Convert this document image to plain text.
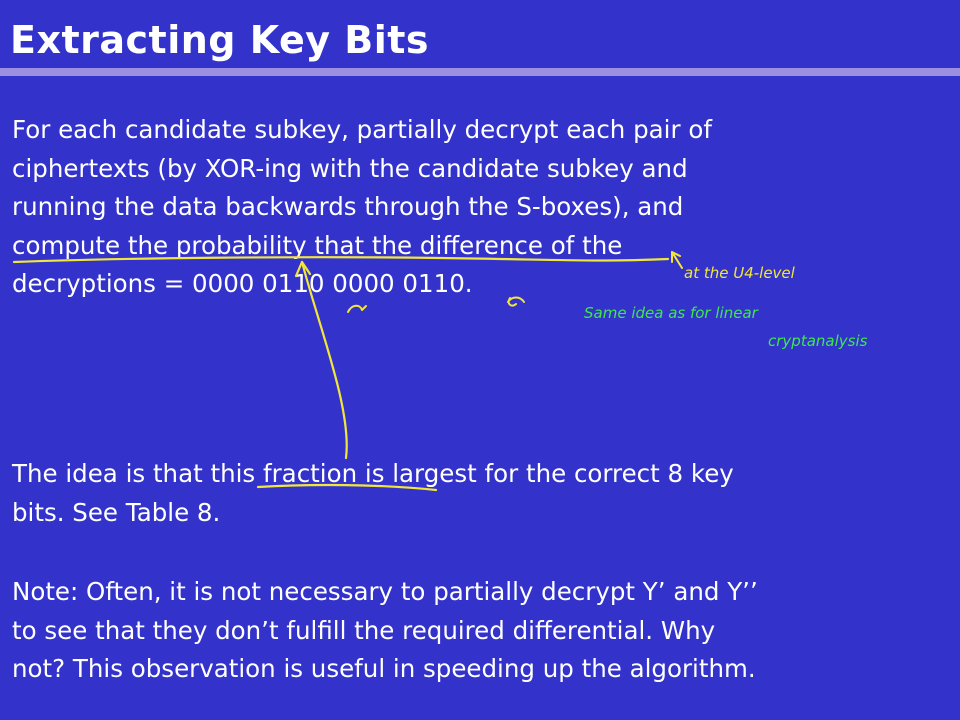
Extracting Key Bits
For each candidate subkey, partially decrypt each pair of
ciphertexts (by XOR-ing with the candidate subkey and
running the data backwards through the S-boxes), and
compute the probability that the difference of the
decryptions = 0000 0110 0000 0110.
The idea is that this fraction is largest for the correct 8 key
bits. See Table 8.
Note: Often, it is not necessary to partially decrypt Y’ and Y’’
to see that they don’t fulfill the required differential. Why
not? This observation is useful in speeding up the algorithm.
at the U4-level
Same idea as for linear
cryptanalysis
